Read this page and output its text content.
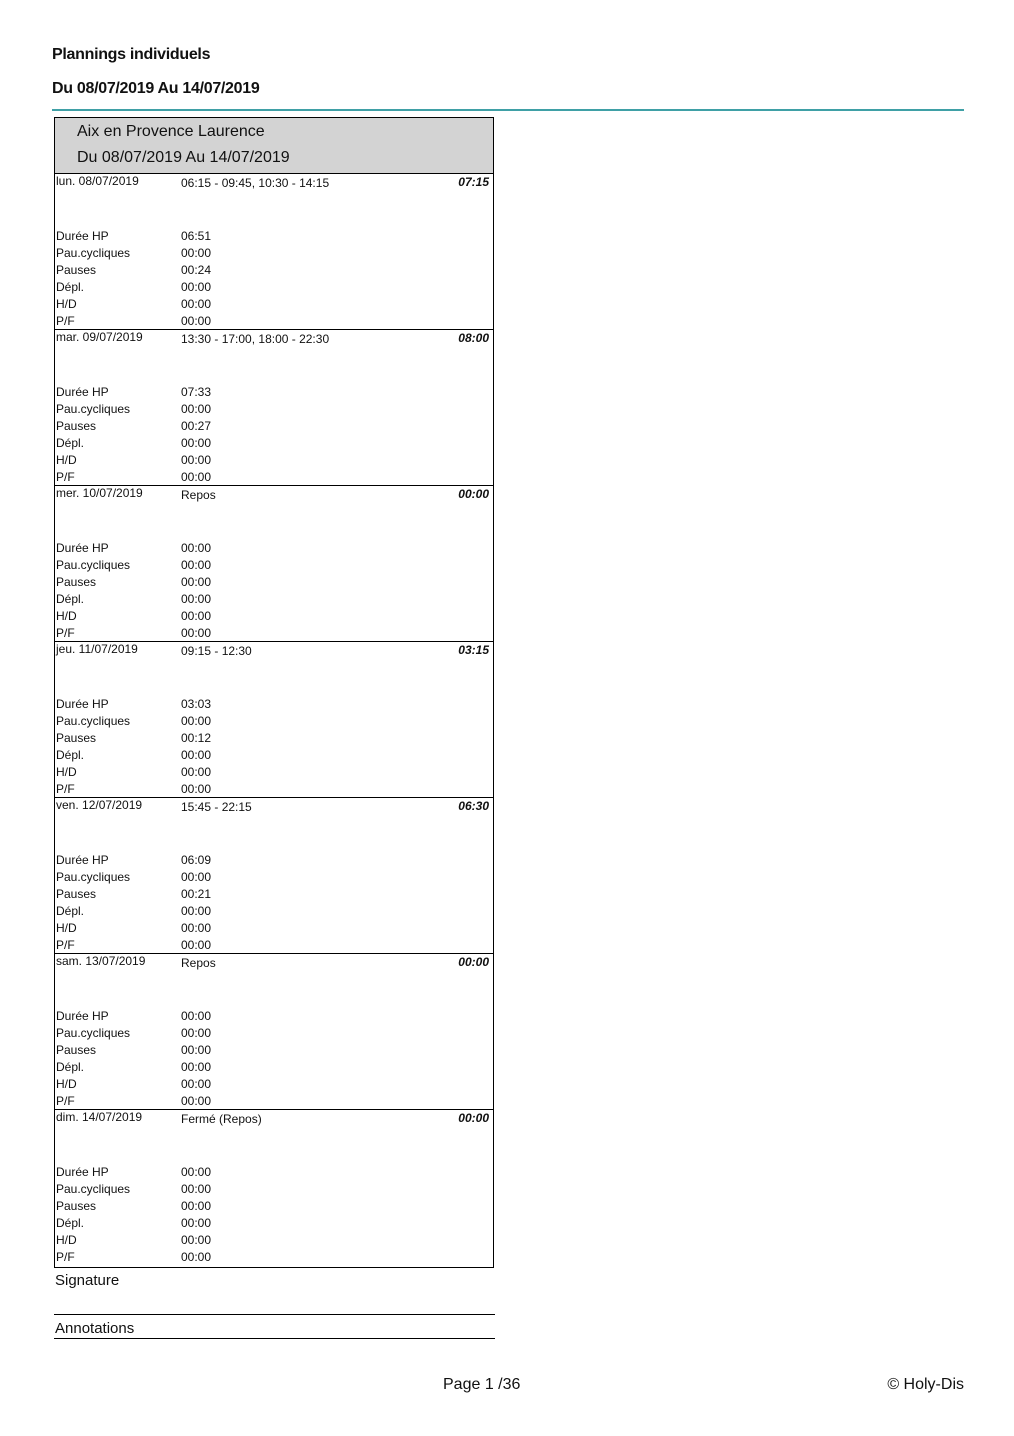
Plannings individuels
Du 08/07/2019 Au 14/07/2019
Aix en Provence Laurence
Du 08/07/2019 Au 14/07/2019
lun. 08/07/2019	06:15 - 09:45, 10:30 - 14:15	07:15
Durée HP	06:51
Pau.cycliques	00:00
Pauses	00:24
Dépl.	00:00
H/D	00:00
P/F	00:00
mar. 09/07/2019	13:30 - 17:00, 18:00 - 22:30	08:00
Durée HP	07:33
Pau.cycliques	00:00
Pauses	00:27
Dépl.	00:00
H/D	00:00
P/F	00:00
mer. 10/07/2019	Repos	00:00
Durée HP	00:00
Pau.cycliques	00:00
Pauses	00:00
Dépl.	00:00
H/D	00:00
P/F	00:00
jeu. 11/07/2019	09:15 - 12:30	03:15
Durée HP	03:03
Pau.cycliques	00:00
Pauses	00:12
Dépl.	00:00
H/D	00:00
P/F	00:00
ven. 12/07/2019	15:45 - 22:15	06:30
Durée HP	06:09
Pau.cycliques	00:00
Pauses	00:21
Dépl.	00:00
H/D	00:00
P/F	00:00
sam. 13/07/2019	Repos	00:00
Durée HP	00:00
Pau.cycliques	00:00
Pauses	00:00
Dépl.	00:00
H/D	00:00
P/F	00:00
dim. 14/07/2019	Fermé (Repos)	00:00
Durée HP	00:00
Pau.cycliques	00:00
Pauses	00:00
Dépl.	00:00
H/D	00:00
P/F	00:00
Signature
Annotations
Page 1 /36	© Holy-Dis
